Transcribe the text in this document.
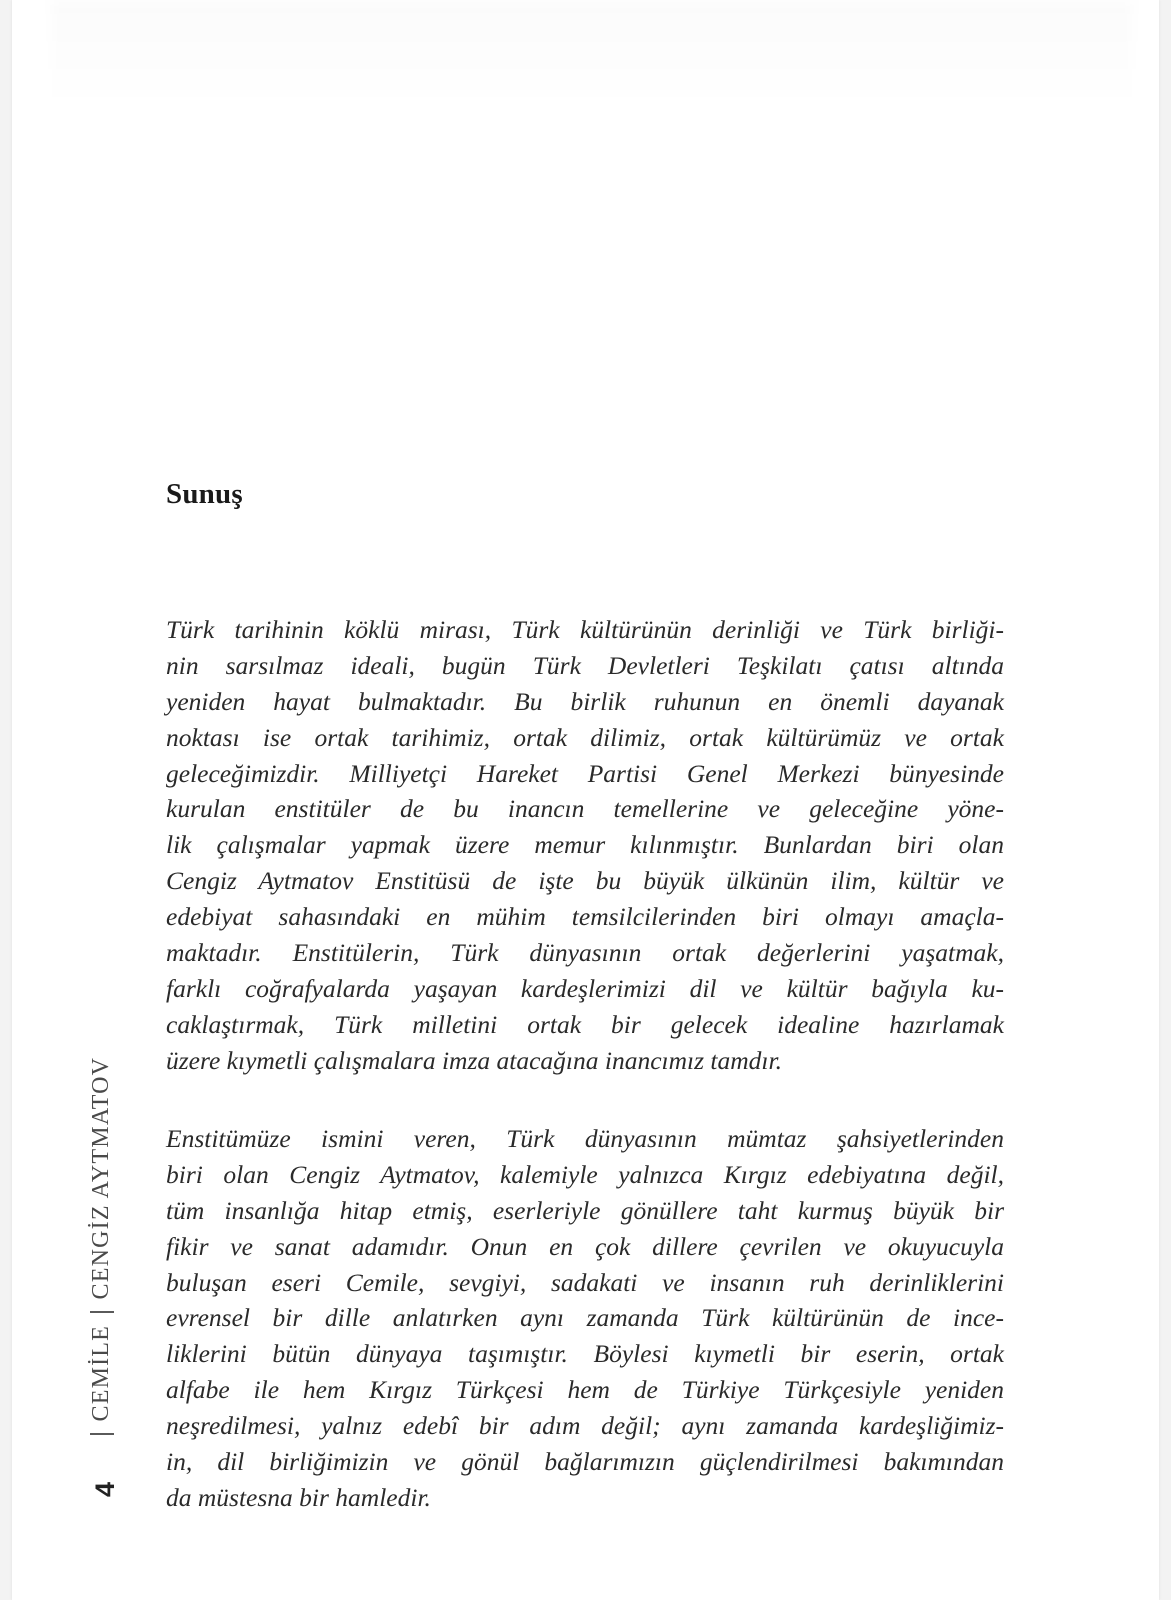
Sunuş
Türk tarihinin köklü mirası, Türk kültürünün derinliği ve Türk birliği-
nin sarsılmaz ideali, bugün Türk Devletleri Teşkilatı çatısı altında
yeniden hayat bulmaktadır. Bu birlik ruhunun en önemli dayanak
noktası ise ortak tarihimiz, ortak dilimiz, ortak kültürümüz ve ortak
geleceğimizdir. Milliyetçi Hareket Partisi Genel Merkezi bünyesinde
kurulan enstitüler de bu inancın temellerine ve geleceğine yöne-
lik çalışmalar yapmak üzere memur kılınmıştır. Bunlardan biri olan
Cengiz Aytmatov Enstitüsü de işte bu büyük ülkünün ilim, kültür ve
edebiyat sahasındaki en mühim temsilcilerinden biri olmayı amaçla-
maktadır. Enstitülerin, Türk dünyasının ortak değerlerini yaşatmak,
farklı coğrafyalarda yaşayan kardeşlerimizi dil ve kültür bağıyla ku-
caklaştırmak, Türk milletini ortak bir gelecek idealine hazırlamak
üzere kıymetli çalışmalara imza atacağına inancımız tamdır.
Enstitümüze ismini veren, Türk dünyasının mümtaz şahsiyetlerinden
biri olan Cengiz Aytmatov, kalemiyle yalnızca Kırgız edebiyatına değil,
tüm insanlığa hitap etmiş, eserleriyle gönüllere taht kurmuş büyük bir
fikir ve sanat adamıdır. Onun en çok dillere çevrilen ve okuyucuyla
buluşan eseri Cemile, sevgiyi, sadakati ve insanın ruh derinliklerini
evrensel bir dille anlatırken aynı zamanda Türk kültürünün de ince-
liklerini bütün dünyaya taşımıştır. Böylesi kıymetli bir eserin, ortak
alfabe ile hem Kırgız Türkçesi hem de Türkiye Türkçesiyle yeniden
neşredilmesi, yalnız edebî bir adım değil; aynı zamanda kardeşliğimiz-
in, dil birliğimizin ve gönül bağlarımızın güçlendirilmesi bakımından
da müstesna bir hamledir.
CEMİLE
CENGİZ AYTMATOV
4
